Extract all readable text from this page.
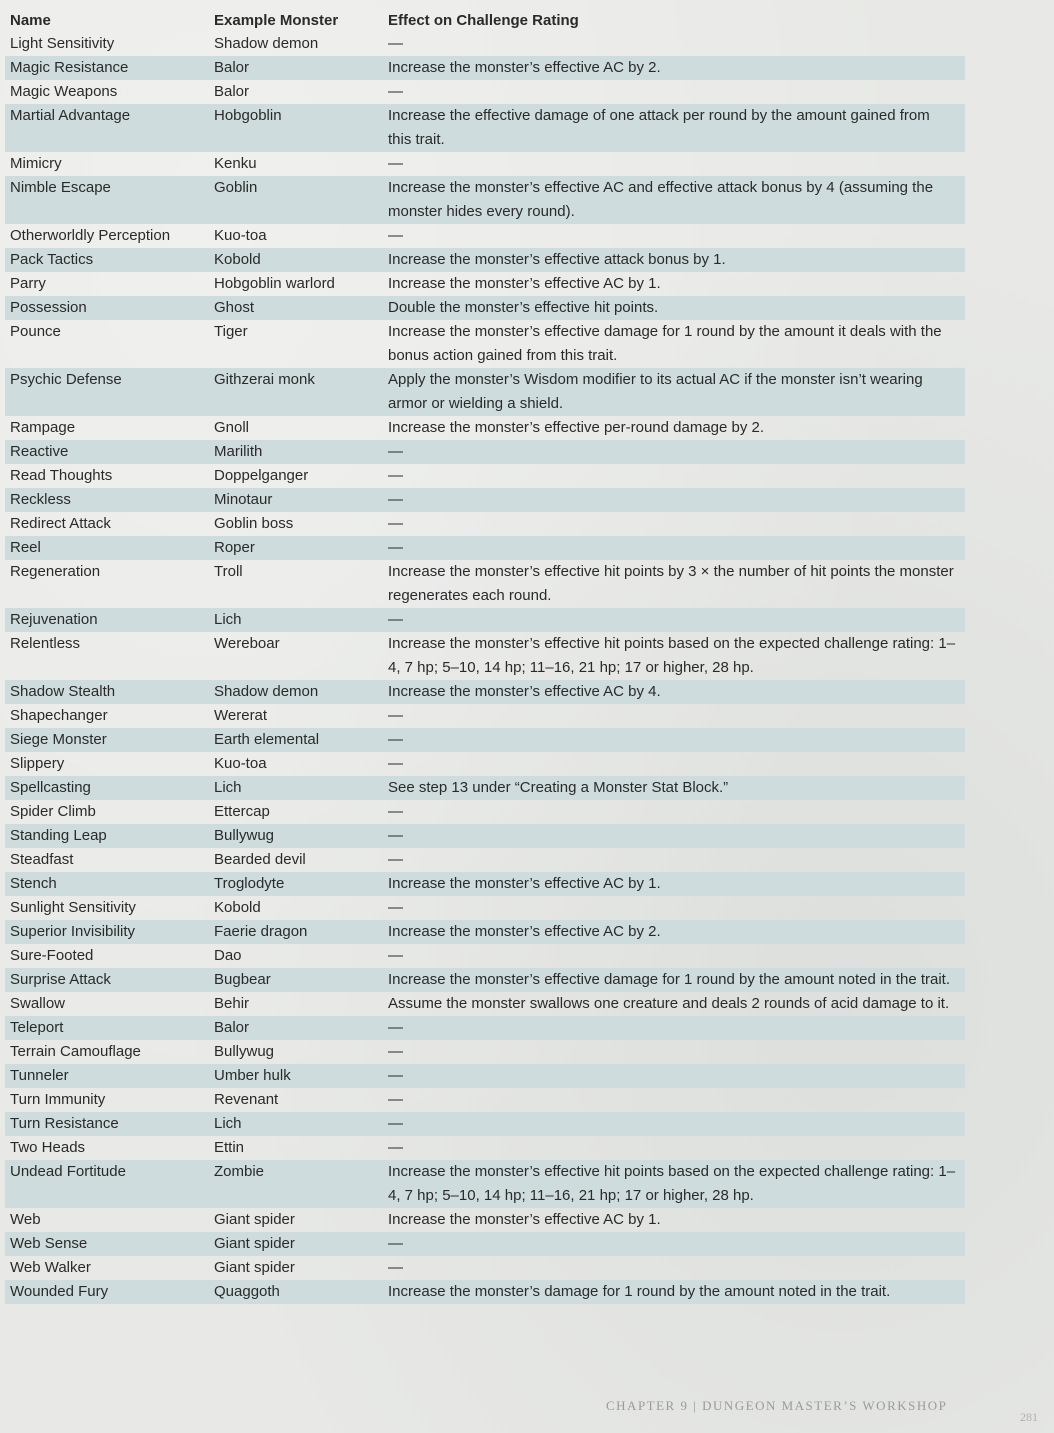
Name	Example Monster	Effect on Challenge Rating
Light Sensitivity	Shadow demon	—
Magic Resistance	Balor	Increase the monster’s effective AC by 2.
Magic Weapons	Balor	—
Martial Advantage	Hobgoblin	Increase the effective damage of one attack per round by the amount gained from this trait.
Mimicry	Kenku	—
Nimble Escape	Goblin	Increase the monster’s effective AC and effective attack bonus by 4 (assuming the monster hides every round).
Otherworldly Perception	Kuo-toa	—
Pack Tactics	Kobold	Increase the monster’s effective attack bonus by 1.
Parry	Hobgoblin warlord	Increase the monster’s effective AC by 1.
Possession	Ghost	Double the monster’s effective hit points.
Pounce	Tiger	Increase the monster’s effective damage for 1 round by the amount it deals with the bonus action gained from this trait.
Psychic Defense	Githzerai monk	Apply the monster’s Wisdom modifier to its actual AC if the monster isn’t wearing armor or wielding a shield.
Rampage	Gnoll	Increase the monster’s effective per-round damage by 2.
Reactive	Marilith	—
Read Thoughts	Doppelganger	—
Reckless	Minotaur	—
Redirect Attack	Goblin boss	—
Reel	Roper	—
Regeneration	Troll	Increase the monster’s effective hit points by 3 × the number of hit points the monster regenerates each round.
Rejuvenation	Lich	—
Relentless	Wereboar	Increase the monster’s effective hit points based on the expected challenge rating: 1–4, 7 hp; 5–10, 14 hp; 11–16, 21 hp; 17 or higher, 28 hp.
Shadow Stealth	Shadow demon	Increase the monster’s effective AC by 4.
Shapechanger	Wererat	—
Siege Monster	Earth elemental	—
Slippery	Kuo-toa	—
Spellcasting	Lich	See step 13 under “Creating a Monster Stat Block.”
Spider Climb	Ettercap	—
Standing Leap	Bullywug	—
Steadfast	Bearded devil	—
Stench	Troglodyte	Increase the monster’s effective AC by 1.
Sunlight Sensitivity	Kobold	—
Superior Invisibility	Faerie dragon	Increase the monster’s effective AC by 2.
Sure-Footed	Dao	—
Surprise Attack	Bugbear	Increase the monster’s effective damage for 1 round by the amount noted in the trait.
Swallow	Behir	Assume the monster swallows one creature and deals 2 rounds of acid damage to it.
Teleport	Balor	—
Terrain Camouflage	Bullywug	—
Tunneler	Umber hulk	—
Turn Immunity	Revenant	—
Turn Resistance	Lich	—
Two Heads	Ettin	—
Undead Fortitude	Zombie	Increase the monster’s effective hit points based on the expected challenge rating: 1–4, 7 hp; 5–10, 14 hp; 11–16, 21 hp; 17 or higher, 28 hp.
Web	Giant spider	Increase the monster’s effective AC by 1.
Web Sense	Giant spider	—
Web Walker	Giant spider	—
Wounded Fury	Quaggoth	Increase the monster’s damage for 1 round by the amount noted in the trait.
CHAPTER 9 | DUNGEON MASTER’S WORKSHOP
281
